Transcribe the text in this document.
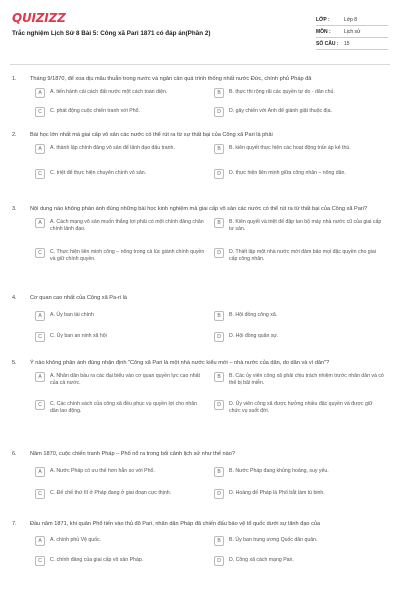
QUIZIZZ
Trắc nghiệm Lịch Sử 8 Bài 5: Công xã Pari 1871 có đáp án(Phần 2)
LỚP :	Lớp 8
MÔN :	Lịch sử
SỐ CÂU :	15
1. Tháng 9/1870, để xoa dịu mâu thuẫn trong nước và ngăn cản quá trình thống nhất nước Đức, chính phủ Pháp đã
A	A. tiến hành cải cách đất nước một cách toàn diện.	B	B. thực thi rộng rãi các quyền tự do - dân chủ.
C	C. phát động cuộc chiến tranh với Phổ.	D	D. gây chiến với Anh để giành giật thuộc địa.
2. Bài học lớn nhất mà giai cấp vô sản các nước có thể rút ra từ sự thất bại của Công xã Pari là phải
A	A. thành lập chính đảng vô sản để lãnh đạo đấu tranh.	B	B. kiên quyết thực hiện các hoạt động trấn áp kẻ thù.
C	C. triệt để thực hiện chuyên chính vô sản.	D	D. thực hiện liên minh giữa công nhân – nông dân.
3. Nội dung nào không phản ánh đúng những bài học kinh nghiệm mà giai cấp vô sản các nước có thể rút ra từ thất bại của Công xã Pari?
A	A. Cách mạng vô sản muốn thắng lợi phải có một chính đảng chân chính lãnh đạo.
B	B. Kiên quyết và triệt để đập tan bộ máy nhà nước cũ của giai cấp tư sản.
C	C. Thực hiện liên minh công – nông trong cả lúc giành chính quyền và giữ chính quyền.
D	D. Thiết lập một nhà nước mới đảm bảo mọi đặc quyền cho giai cấp công nhân.
4. Cơ quan cao nhất của Công xã Pa-ri là
A	A. Ủy ban tài chính	B	B. Hội đồng công xã.
C	C. Ủy ban an ninh xã hội	D	D. Hội đồng quân sự.
5. Ý nào không phản ánh đúng nhận định "Công xã Pari là một nhà nước kiểu mới – nhà nước của dân, do dân và vì dân"?
A	A. Nhân dân bầu ra các đại biểu vào cơ quan quyền lực cao nhất của cả nước.
B	B. Các ủy viên công xã phải chịu trách nhiệm trước nhân dân và có thể bị bãi miễn.
C	C. Các chính sách của công xã đều phục vụ quyền lợi cho nhân dân lao động.
D	D. Ủy viên công xã được hưởng nhiều đặc quyền và được giữ chức vụ suốt đời.
6. Năm 1870, cuộc chiến tranh Pháp – Phổ nổ ra trong bối cảnh lịch sử như thế nào?
A	A. Nước Pháp có ưu thế hơn hẳn so với Phổ.	B	B. Nước Pháp đang khủng hoảng, suy yếu.
C	C. Đế chế thứ III ở Pháp đang ở giai đoạn cực thịnh.	D	D. Hoàng đế Pháp là Phổ bắt làm tù binh.
7. Đầu năm 1871, khi quân Phổ tiến vào thủ đô Pari, nhân dân Pháp đã chiến đấu bảo vệ tổ quốc dưới sự lãnh đạo của
A	A. chính phủ Vệ quốc.	B	B. Ủy ban trung ương Quốc dân quân.
C	C. chính đảng của giai cấp vô sản Pháp.	D	D. Công xã cách mạng Pari.
